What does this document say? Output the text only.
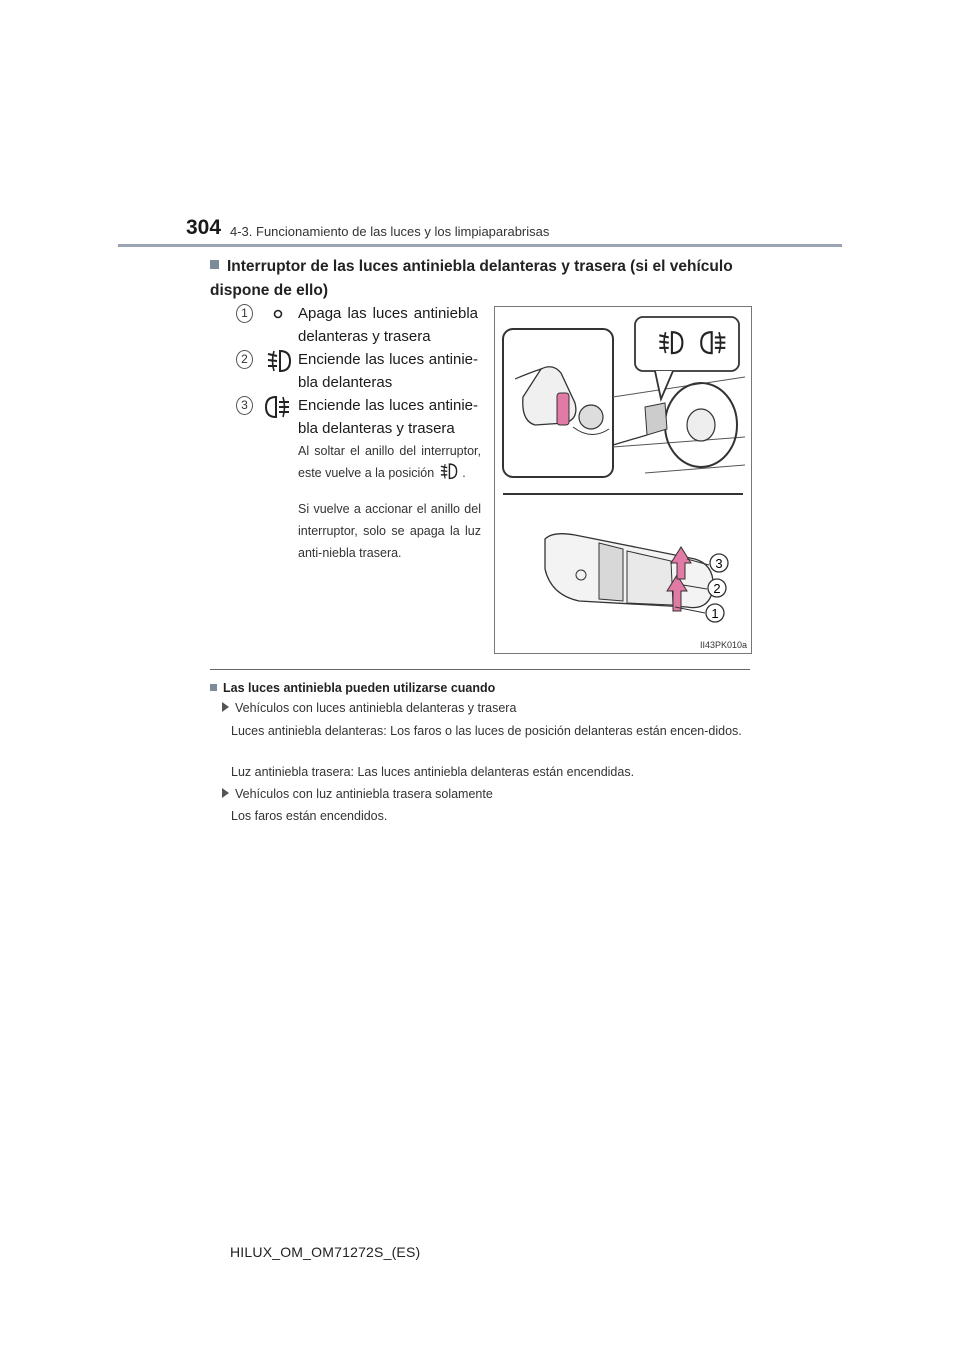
304 4-3. Funcionamiento de las luces y los limpiaparabrisas
Interruptor de las luces antiniebla delanteras y trasera (si el vehículo dispone de ello)
1	Apaga las luces antiniebla delanteras y trasera
2	Enciende las luces antinie-bla delanteras
3	Enciende las luces antinie-bla delanteras y trasera
Al soltar el anillo del interruptor, este vuelve a la posición .
Si vuelve a accionar el anillo del interruptor, solo se apaga la luz anti-niebla trasera.
3
2
1
II43PK010a
Las luces antiniebla pueden utilizarse cuando
Vehículos con luces antiniebla delanteras y trasera
Luces antiniebla delanteras: Los faros o las luces de posición delanteras están encen-didos.
Luz antiniebla trasera: Las luces antiniebla delanteras están encendidas.
Vehículos con luz antiniebla trasera solamente
Los faros están encendidos.
HILUX_OM_OM71272S_(ES)
